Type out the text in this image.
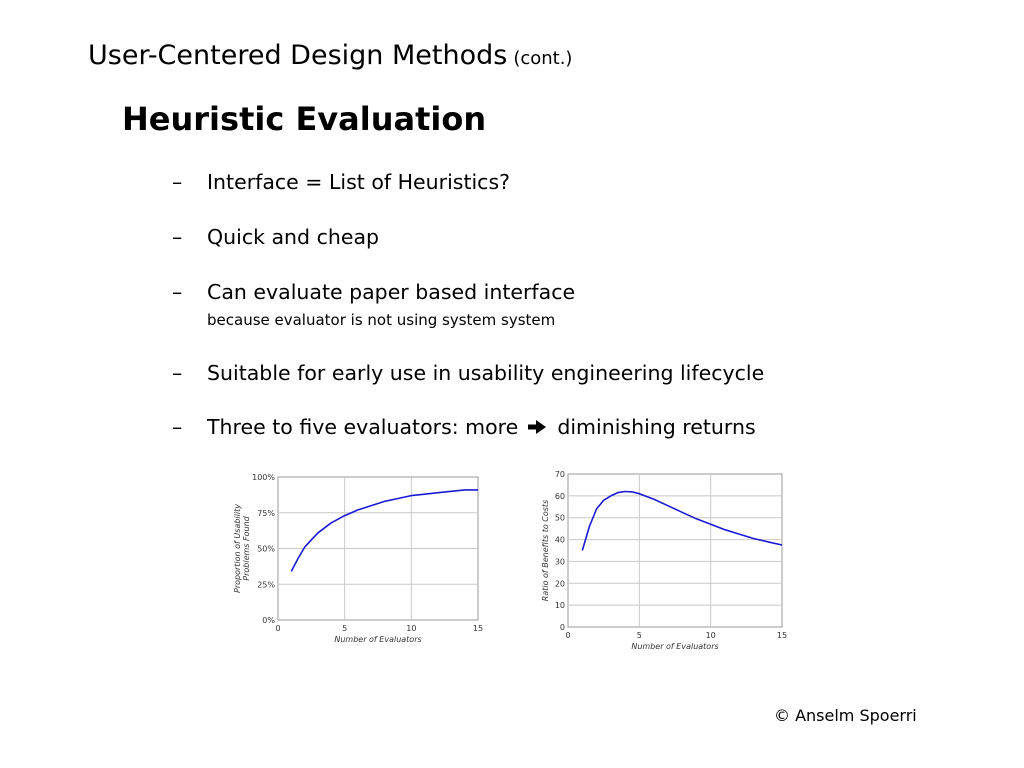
User-Centered Design Methods (cont.)
Heuristic Evaluation
– Interface = List of Heuristics?
– Quick and cheap
– Can evaluate paper based interface
because evaluator is not using system system
– Suitable for early use in usability engineering lifecycle
– Three to five evaluators: more diminishing returns
0	5	10	15
0%
25%
50%
75%
100%
Number of Evaluators
Proportion of UsabilityProblems Found
0	5	10	15
0
10
20
30
40
50
60
70
Number of Evaluators
Ratio of Benefits to Costs
© Anselm Spoerri
